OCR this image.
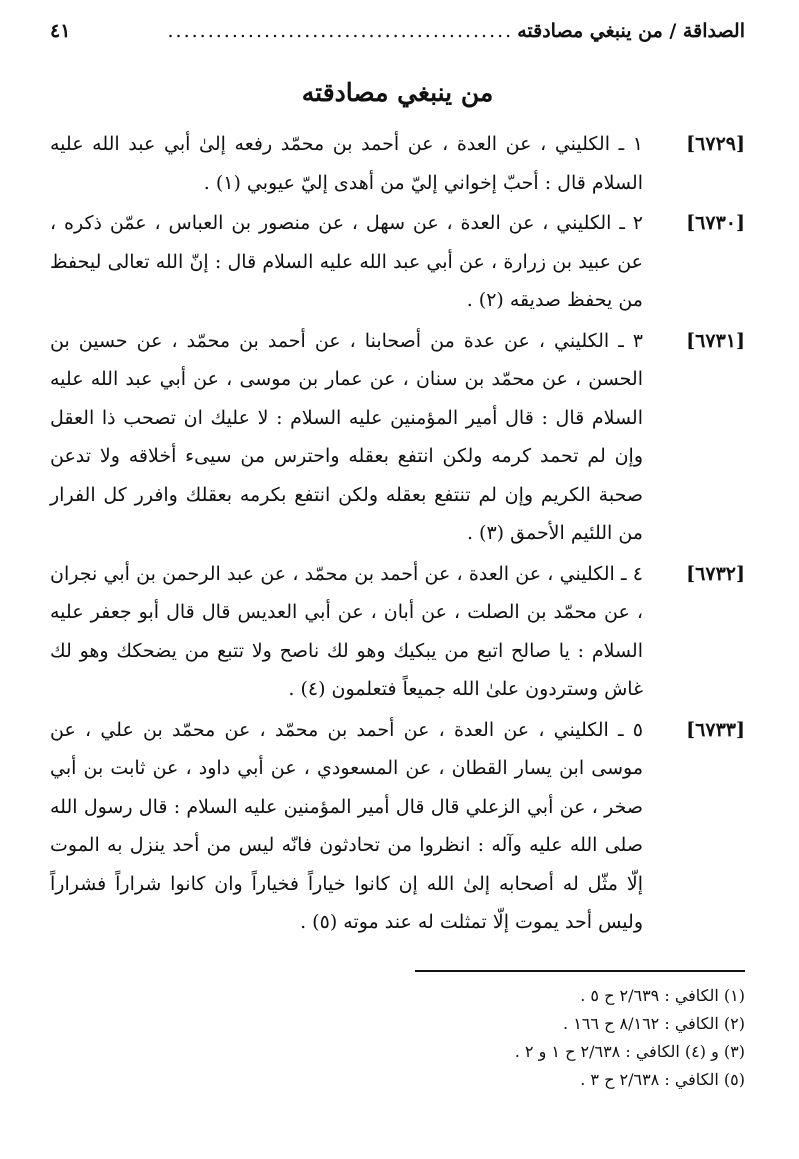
الصداقة / من ينبغي مصادقته
...........................................
٤١
من ينبغي مصادقته
[٦٧٢٩]
١ ـ الكليني ، عن العدة ، عن أحمد بن محمّد رفعه إلىٰ أبي عبد الله عليه السلام قال : أحبّ إخواني إليّ من أهدى إليّ عيوبي (١) .
[٦٧٣٠]
٢ ـ الكليني ، عن العدة ، عن سهل ، عن منصور بن العباس ، عمّن ذكره ، عن عبيد بن زرارة ، عن أبي عبد الله عليه السلام قال : إنّ الله تعالى ليحفظ من يحفظ صديقه (٢) .
[٦٧٣١]
٣ ـ الكليني ، عن عدة من أصحابنا ، عن أحمد بن محمّد ، عن حسين بن الحسن ، عن محمّد بن سنان ، عن عمار بن موسى ، عن أبي عبد الله عليه السلام قال : قال أمير المؤمنين عليه السلام : لا عليك ان تصحب ذا العقل وإن لم تحمد كرمه ولكن انتفع بعقله واحترس من سيىء أخلاقه ولا تدعن صحبة الكريم وإن لم تنتفع بعقله ولكن انتفع بكرمه بعقلك وافرر كل الفرار من اللئيم الأحمق (٣) .
[٦٧٣٢]
٤ ـ الكليني ، عن العدة ، عن أحمد بن محمّد ، عن عبد الرحمن بن أبي نجران ، عن محمّد بن الصلت ، عن أبان ، عن أبي العديس قال قال أبو جعفر عليه السلام : يا صالح اتبع من يبكيك وهو لك ناصح ولا تتبع من يضحكك وهو لك غاش وستردون علىٰ الله جميعاً فتعلمون (٤) .
[٦٧٣٣]
٥ ـ الكليني ، عن العدة ، عن أحمد بن محمّد ، عن محمّد بن علي ، عن موسى ابن يسار القطان ، عن المسعودي ، عن أبي داود ، عن ثابت بن أبي صخر ، عن أبي الزعلي قال قال أمير المؤمنين عليه السلام : قال رسول الله صلى الله عليه وآله : انظروا من تحادثون فانّه ليس من أحد ينزل به الموت إلّا مثّل له أصحابه إلىٰ الله إن كانوا خياراً فخياراً وان كانوا شراراً فشراراً وليس أحد يموت إلّا تمثلت له عند موته (٥) .
(١) الكافي : ٢/٦٣٩ ح ٥ .
(٢) الكافي : ٨/١٦٢ ح ١٦٦ .
(٣) و (٤) الكافي : ٢/٦٣٨ ح ١ و ٢ .
(٥) الكافي : ٢/٦٣٨ ح ٣ .
